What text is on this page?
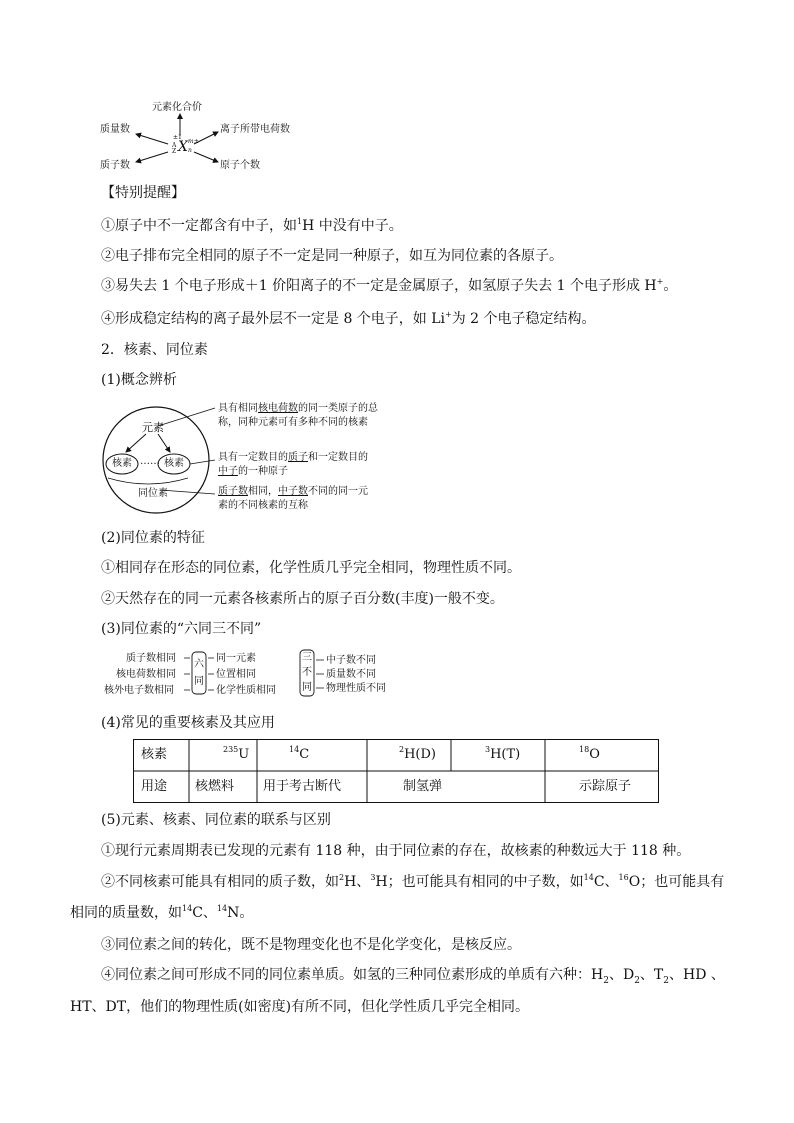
元素化合价
质量数
质子数
离子所带电荷数
原子个数
±1
A
Z X m±
n
【特别提醒】
①原子中不一定都含有中子，如$^1$H 中没有中子。
②电子排布完全相同的原子不一定是同一种原子，如互为同位素的各原子。
③易失去 1 个电子形成＋1 价阳离子的不一定是金属原子，如氢原子失去 1 个电子形成 H+。
④形成稳定结构的离子最外层不一定是 8 个电子，如 Li+为 2 个电子稳定结构。
2．核素、同位素
(1)概念辨析
元素
核素 …… 核素
同位素
具有相同核电荷数的同一类原子的总
称，同种元素可有多种不同的核素
具有一定数目的质子和一定数目的
中子的一种原子
质子数相同，中子数不同的同一元
素的不同核素的互称
(2)同位素的特征
①相同存在形态的同位素，化学性质几乎完全相同，物理性质不同。
②天然存在的同一元素各核素所占的原子百分数(丰度)一般不变。
(3)同位素的“六同三不同”
质子数相同
核电荷数相同
核外电子数相同
六
同
同一元素
位置相同
化学性质相同
三
不
同
中子数不同
质量数不同
物理性质不同
(4)常见的重要核素及其应用
核素	$^{235}$U	$^{14}$C	$^2$H(D)	$^3$H(T)	$^{18}$O
用途 核燃料 用于考古断代	制氢弹	示踪原子
(5)元素、核素、同位素的联系与区别
①现行元素周期表已发现的元素有 118 种，由于同位素的存在，故核素的种数远大于 118 种。
②不同核素可能具有相同的质子数，如$^2$H、$^3$H；也可能具有相同的中子数，如$^{14}$C、$^{16}$O；也可能具有
相同的质量数，如$^{14}$C、$^{14}$N。
③同位素之间的转化，既不是物理变化也不是化学变化，是核反应。
④同位素之间可形成不同的同位素单质。如氢的三种同位素形成的单质有六种：$H_2$、$D_2$、$T_2$、HD 、
HT、DT，他们的物理性质(如密度)有所不同，但化学性质几乎完全相同。
